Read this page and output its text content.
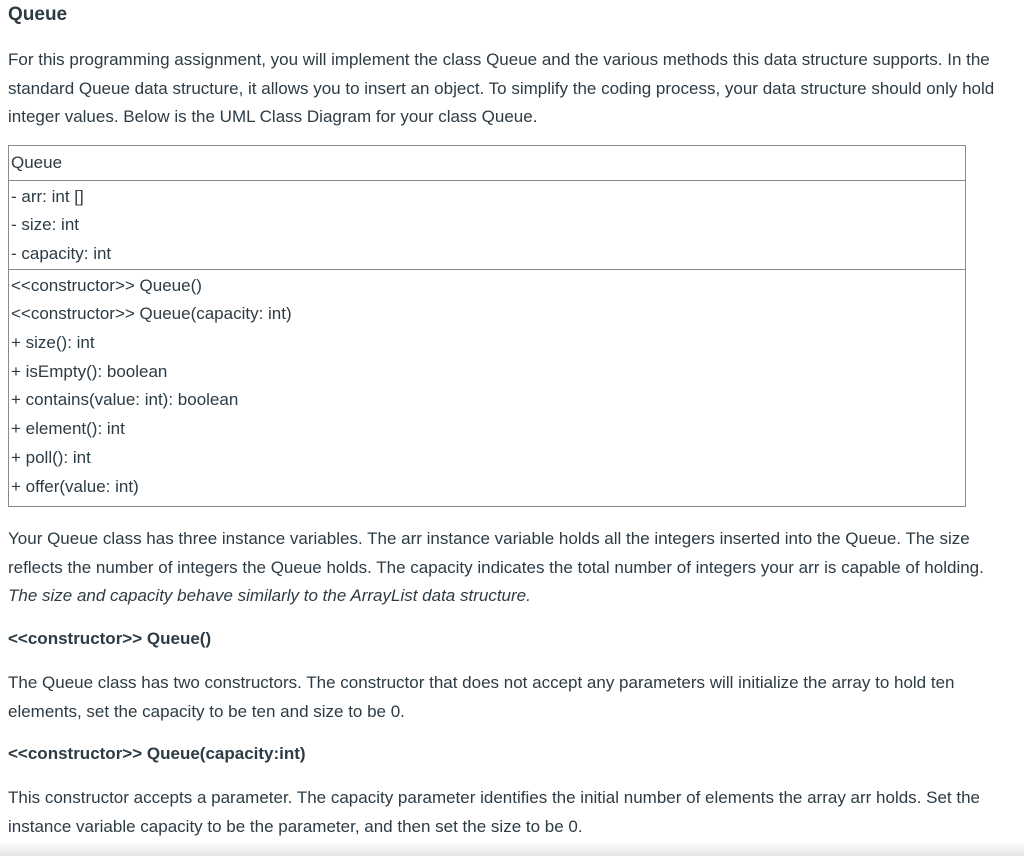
Queue

For this programming assignment, you will implement the class Queue and the various methods this data structure supports. In the standard Queue data structure, it allows you to insert an object. To simplify the coding process, your data structure should only hold integer values. Below is the UML Class Diagram for your class Queue.

Queue
- arr: int []
- size: int
- capacity: int
<<constructor>> Queue()
<<constructor>> Queue(capacity: int)
+ size(): int
+ isEmpty(): boolean
+ contains(value: int): boolean
+ element(): int
+ poll(): int
+ offer(value: int)

Your Queue class has three instance variables. The arr instance variable holds all the integers inserted into the Queue. The size reflects the number of integers the Queue holds. The capacity indicates the total number of integers your arr is capable of holding. The size and capacity behave similarly to the ArrayList data structure.

<<constructor>> Queue()

The Queue class has two constructors. The constructor that does not accept any parameters will initialize the array to hold ten elements, set the capacity to be ten and size to be 0.

<<constructor>> Queue(capacity:int)

This constructor accepts a parameter. The capacity parameter identifies the initial number of elements the array arr holds. Set the instance variable capacity to be the parameter, and then set the size to be 0.
